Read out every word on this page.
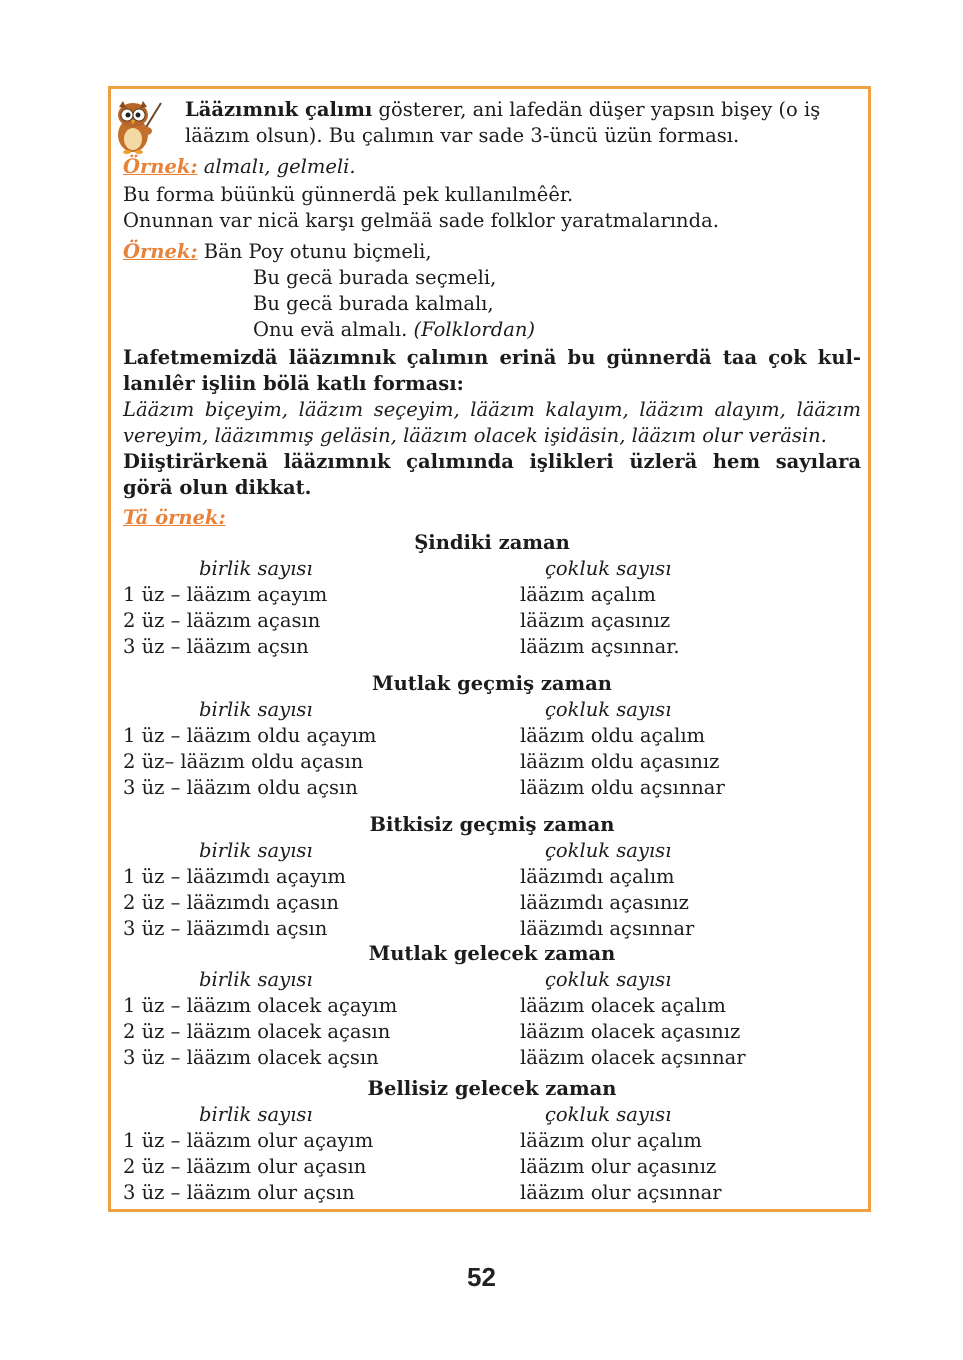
Lääzımnık çalımı gösterer, ani lafedän düşer yapsın bişey (o iş
lääzım olsun). Bu çalımın var sade 3-üncü üzün forması.
Örnek: almalı, gelmeli.
Bu forma büünkü günnerdä pek kullanılmêêr.
Onunnan var nicä karşı gelmää sade folklor yaratmalarında.
Örnek: Bän Poy otunu biçmeli,
Bu gecä burada seçmeli,
Bu gecä burada kalmalı,
Onu evä almalı. (Folklordan)
Lafetmemizdä lääzımnık çalımın erinä bu günnerdä taa çok kul-
lanılêr işliin bölä katlı forması:
Lääzım biçeyim, lääzım seçeyim, lääzım kalayım, lääzım alayım, lääzım
vereyim, lääzımmış geläsin, lääzım olacek işidäsin, lääzım olur veräsin.
Diiştirärkenä lääzımnık çalımında işlikleri üzlerä hem sayılara
görä olun dikkat.
Tä örnek:
Şindiki zaman
birlik sayısı	çokluk sayısı
1 üz – lääzım açayım	lääzım açalım
2 üz – lääzım açasın	lääzım açasınız
3 üz – lääzım açsın	lääzım açsınnar.
Mutlak geçmiş zaman
birlik sayısı	çokluk sayısı
1 üz – lääzım oldu açayım	lääzım oldu açalım
2 üz– lääzım oldu açasın	lääzım oldu açasınız
3 üz – lääzım oldu açsın	lääzım oldu açsınnar
Bitkisiz geçmiş zaman
birlik sayısı	çokluk sayısı
1 üz – lääzımdı açayım	lääzımdı açalım
2 üz – lääzımdı açasın	lääzımdı açasınız
3 üz – lääzımdı açsın	lääzımdı açsınnar
Mutlak gelecek zaman
birlik sayısı	çokluk sayısı
1 üz – lääzım olacek açayım	lääzım olacek açalım
2 üz – lääzım olacek açasın	lääzım olacek açasınız
3 üz – lääzım olacek açsın	lääzım olacek açsınnar
Bellisiz gelecek zaman
birlik sayısı	çokluk sayısı
1 üz – lääzım olur açayım	lääzım olur açalım
2 üz – lääzım olur açasın	lääzım olur açasınız
3 üz – lääzım olur açsın	lääzım olur açsınnar
52
